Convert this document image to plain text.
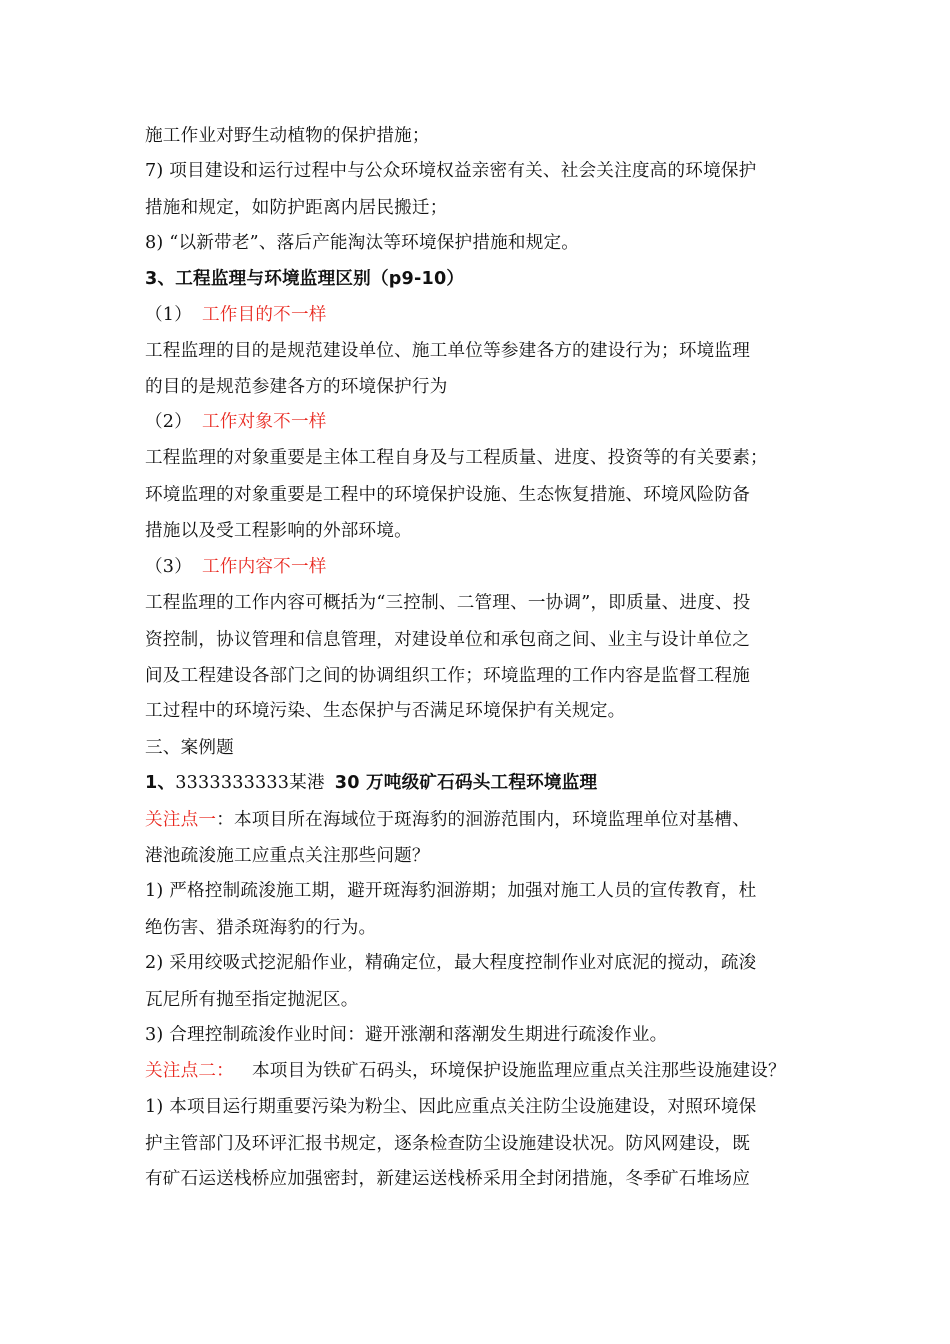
施工作业对野生动植物的保护措施；
7) 项目建设和运行过程中与公众环境权益亲密有关、社会关注度高的环境保护
措施和规定，如防护距离内居民搬迁；
8) “以新带老”、落后产能淘汰等环境保护措施和规定。
3、工程监理与环境监理区别（p9-10）
（1） 工作目的不一样
工程监理的目的是规范建设单位、施工单位等参建各方的建设行为；环境监理
的目的是规范参建各方的环境保护行为
（2） 工作对象不一样
工程监理的对象重要是主体工程自身及与工程质量、进度、投资等的有关要素；
环境监理的对象重要是工程中的环境保护设施、生态恢复措施、环境风险防备
措施以及受工程影响的外部环境。
（3） 工作内容不一样
工程监理的工作内容可概括为“三控制、二管理、一协调”，即质量、进度、投
资控制，协议管理和信息管理，对建设单位和承包商之间、业主与设计单位之
间及工程建设各部门之间的协调组织工作；环境监理的工作内容是监督工程施
工过程中的环境污染、生态保护与否满足环境保护有关规定。
三、案例题
1、3333333333某港 30 万吨级矿石码头工程环境监理
关注点一：本项目所在海域位于斑海豹的洄游范围内，环境监理单位对基槽、
港池疏浚施工应重点关注那些问题？
1) 严格控制疏浚施工期，避开斑海豹洄游期；加强对施工人员的宣传教育，杜
绝伤害、猎杀斑海豹的行为。
2) 采用绞吸式挖泥船作业，精确定位，最大程度控制作业对底泥的搅动，疏浚
瓦尼所有抛至指定抛泥区。
3) 合理控制疏浚作业时间：避开涨潮和落潮发生期进行疏浚作业。
关注点二： 本项目为铁矿石码头，环境保护设施监理应重点关注那些设施建设？
1) 本项目运行期重要污染为粉尘、因此应重点关注防尘设施建设，对照环境保
护主管部门及环评汇报书规定，逐条检查防尘设施建设状况。防风网建设，既
有矿石运送栈桥应加强密封，新建运送栈桥采用全封闭措施，冬季矿石堆场应
